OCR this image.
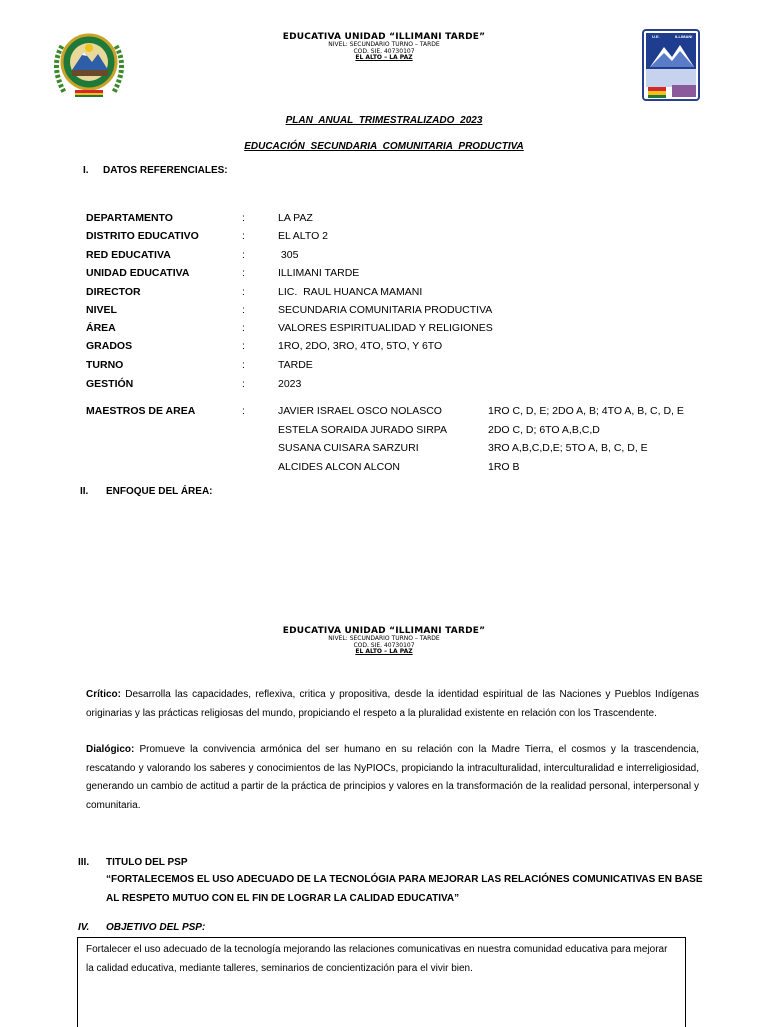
DISTRITO DE EL ALTO
U.E.	ILLIMANI
EDUCATIVA UNIDAD “ILLIMANI TARDE”
NIVEL: SECUNDARIO TURNO – TARDE
COD. SIE. 40730107
EL ALTO – LA PAZ
PLAN ANUAL TRIMESTRALIZADO 2023
EDUCACIÓN SECUNDARIA COMUNITARIA PRODUCTIVA
I. DATOS REFERENCIALES:
DEPARTAMENTO	:	LA PAZ
DISTRITO EDUCATIVO	:	EL ALTO 2
RED EDUCATIVA	:	305
UNIDAD EDUCATIVA	:	ILLIMANI TARDE
DIRECTOR	:	LIC.  RAUL HUANCA MAMANI
NIVEL	:	SECUNDARIA COMUNITARIA PRODUCTIVA
ÁREA	:	VALORES ESPIRITUALIDAD Y RELIGIONES
GRADOS	:	1RO, 2DO, 3RO, 4TO, 5TO, Y 6TO
TURNO	:	TARDE
GESTIÓN	:	2023
MAESTROS DE AREA	:	JAVIER ISRAEL OSCO NOLASCO	1RO C, D, E; 2DO A, B; 4TO A, B, C, D, E
ESTELA SORAIDA JURADO SIRPA	2DO C, D; 6TO A,B,C,D
SUSANA CUISARA SARZURI	3RO A,B,C,D,E; 5TO A, B, C, D, E
ALCIDES ALCON ALCON	1RO B
II. ENFOQUE DEL ÁREA:
EDUCATIVA UNIDAD “ILLIMANI TARDE”
NIVEL: SECUNDARIO TURNO – TARDE
COD. SIE. 40730107
EL ALTO – LA PAZ
Crítico: Desarrolla las capacidades, reflexiva, critica y propositiva, desde la identidad espiritual de las Naciones y Pueblos Indígenas originarias y las prácticas religiosas del mundo, propiciando el respeto a la pluralidad existente en relación con los Trascendente.
Dialógico: Promueve la convivencia armónica del ser humano en su relación con la Madre Tierra, el cosmos y la trascendencia, rescatando y valorando los saberes y conocimientos de las NyPIOCs, propiciando la intraculturalidad, interculturalidad e interreligiosidad, generando un cambio de actitud a partir de la práctica de principios y valores en la transformación de la realidad personal, interpersonal y comunitaria.
III. TITULO DEL PSP
“FORTALECEMOS EL USO ADECUADO DE LA TECNOLÓGIA PARA MEJORAR LAS RELACIÓNES COMUNICATIVAS EN BASE AL RESPETO MUTUO CON EL FIN DE LOGRAR LA CALIDAD EDUCATIVA”
IV. OBJETIVO DEL PSP:

Fortalecer el uso adecuado de la tecnología mejorando las relaciones comunicativas en nuestra comunidad educativa para mejorar la calidad educativa, mediante talleres, seminarios de concientización para el vivir bien.
